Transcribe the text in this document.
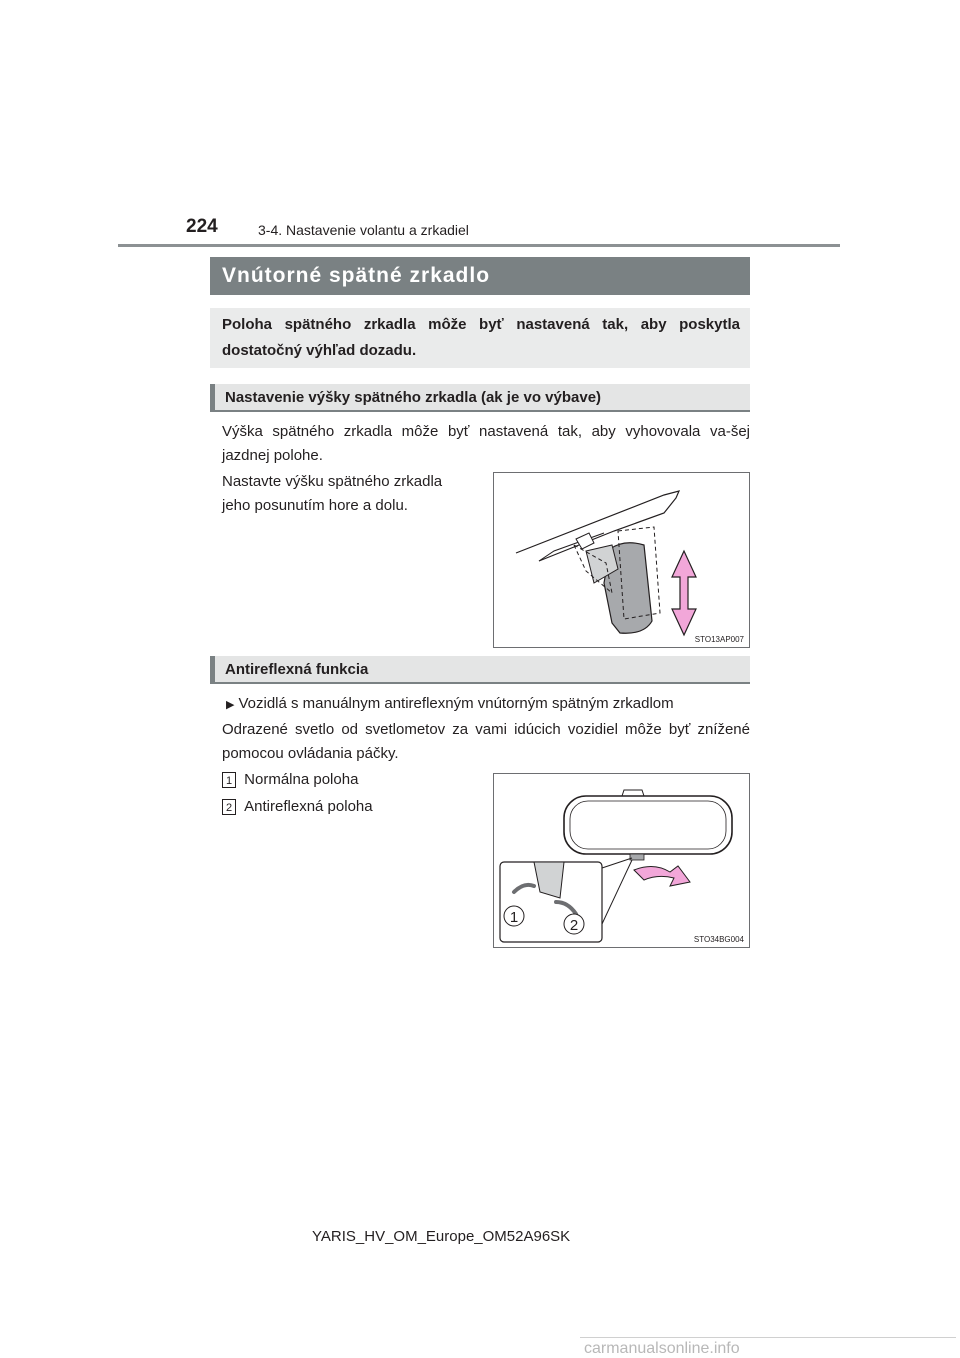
224	3-4. Nastavenie volantu a zrkadiel
Vnútorné spätné zrkadlo
Poloha spätného zrkadla môže byť nastavená tak, aby poskytla dostatočný výhľad dozadu.
Nastavenie výšky spätného zrkadla (ak je vo výbave)
Výška spätného zrkadla môže byť nastavená tak, aby vyhovovala va-šej jazdnej polohe.
Nastavte výšku spätného zrkadla
jeho posunutím hore a dolu.
STO13AP007
Antireflexná funkcia
▶ Vozidlá s manuálnym antireflexným vnútorným spätným zrkadlom
Odrazené svetlo od svetlometov za vami idúcich vozidiel môže byť znížené pomocou ovládania páčky.
1 Normálna poloha
2 Antireflexná poloha
1	2
STO34BG004
YARIS_HV_OM_Europe_OM52A96SK
carmanualsonline.info
